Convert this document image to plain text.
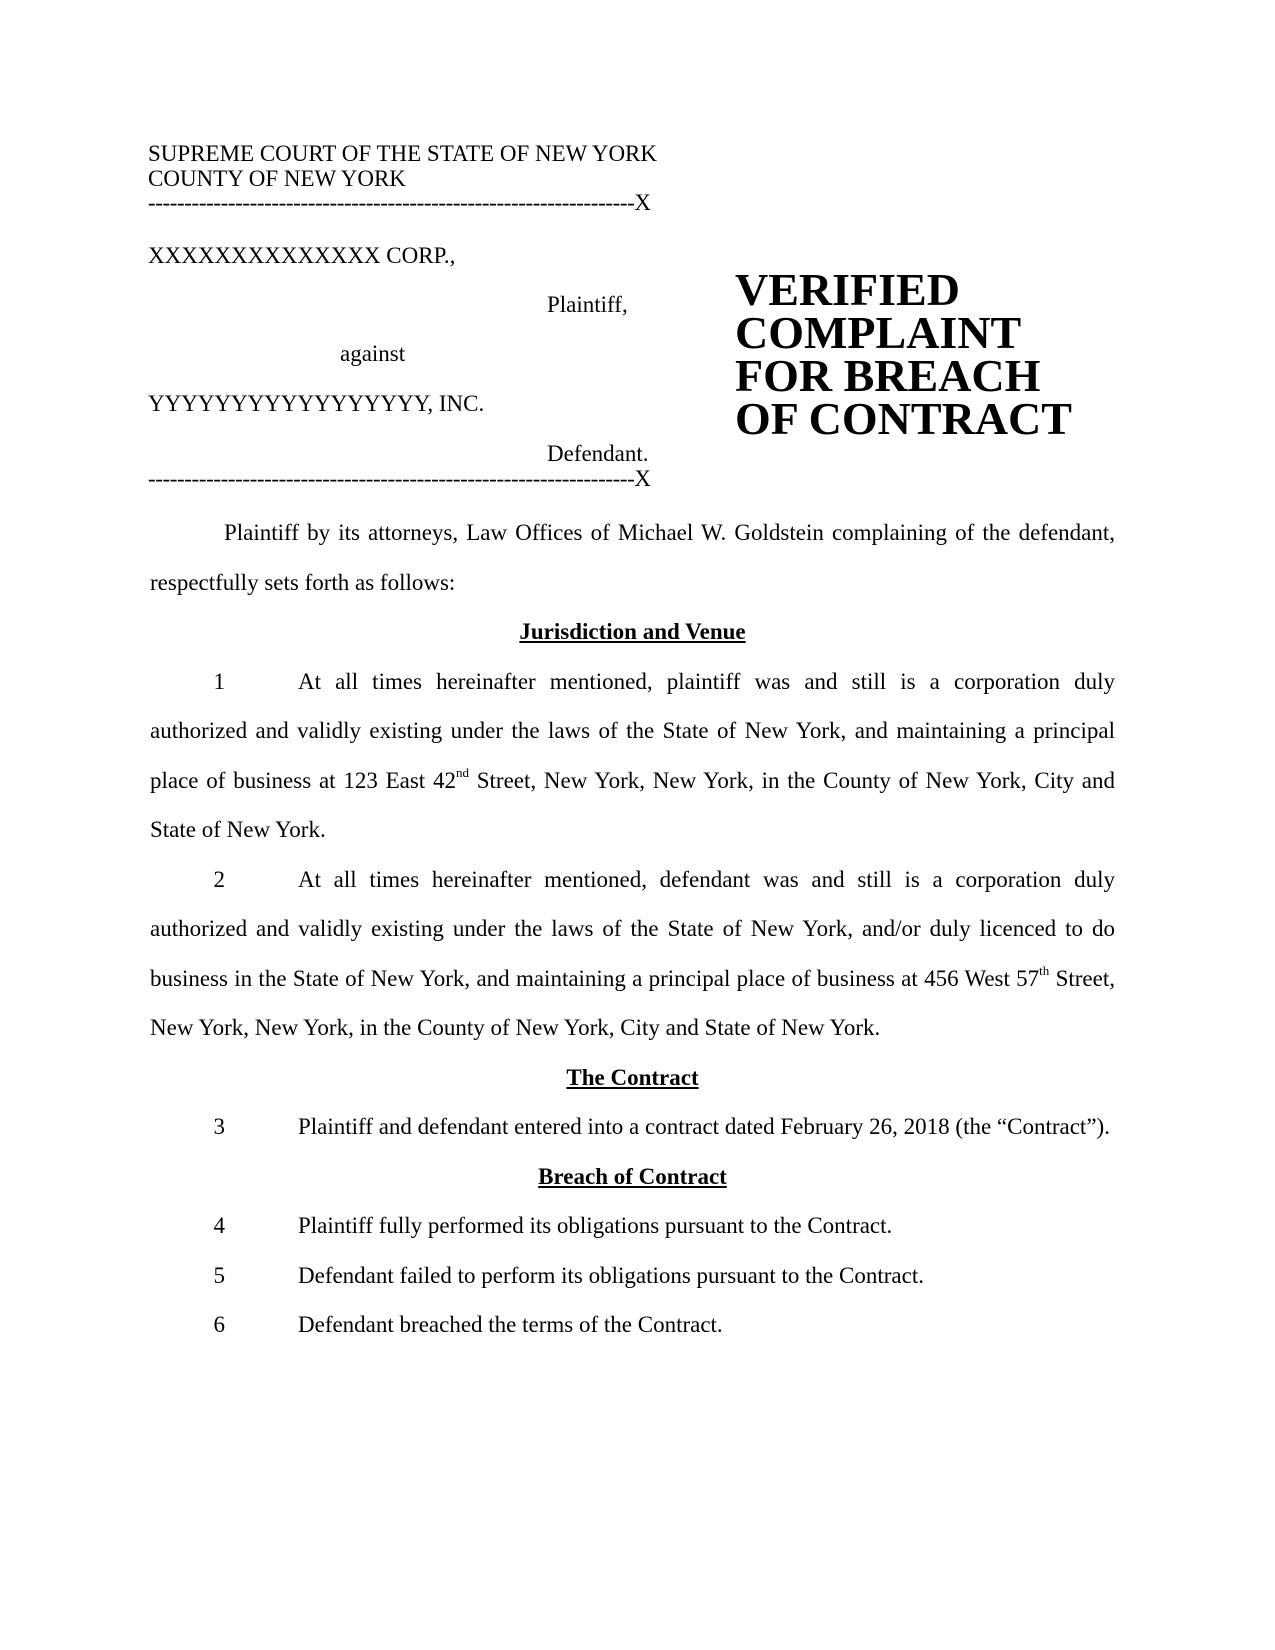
SUPREME COURT OF THE STATE OF NEW YORK
COUNTY OF NEW YORK
-------------------------------------------------------------------X
XXXXXXXXXXXXXX CORP.,
Plaintiff,
against
YYYYYYYYYYYYYYYYY, INC.
Defendant.
-------------------------------------------------------------------X
VERIFIED
COMPLAINT
FOR BREACH
OF CONTRACT

Plaintiff by its attorneys, Law Offices of Michael W. Goldstein complaining of the defendant, respectfully sets forth as follows:

Jurisdiction and Venue

1	At all times hereinafter mentioned, plaintiff was and still is a corporation duly authorized and validly existing under the laws of the State of New York, and maintaining a principal place of business at 123 East 42nd Street, New York, New York, in the County of New York, City and State of New York.

2	At all times hereinafter mentioned, defendant was and still is a corporation duly authorized and validly existing under the laws of the State of New York, and/or duly licenced to do business in the State of New York, and maintaining a principal place of business at 456 West 57th Street, New York, New York, in the County of New York, City and State of New York.

The Contract

3	Plaintiff and defendant entered into a contract dated February 26, 2018 (the “Contract”).

Breach of Contract

4	Plaintiff fully performed its obligations pursuant to the Contract.

5	Defendant failed to perform its obligations pursuant to the Contract.

6	Defendant breached the terms of the Contract.
